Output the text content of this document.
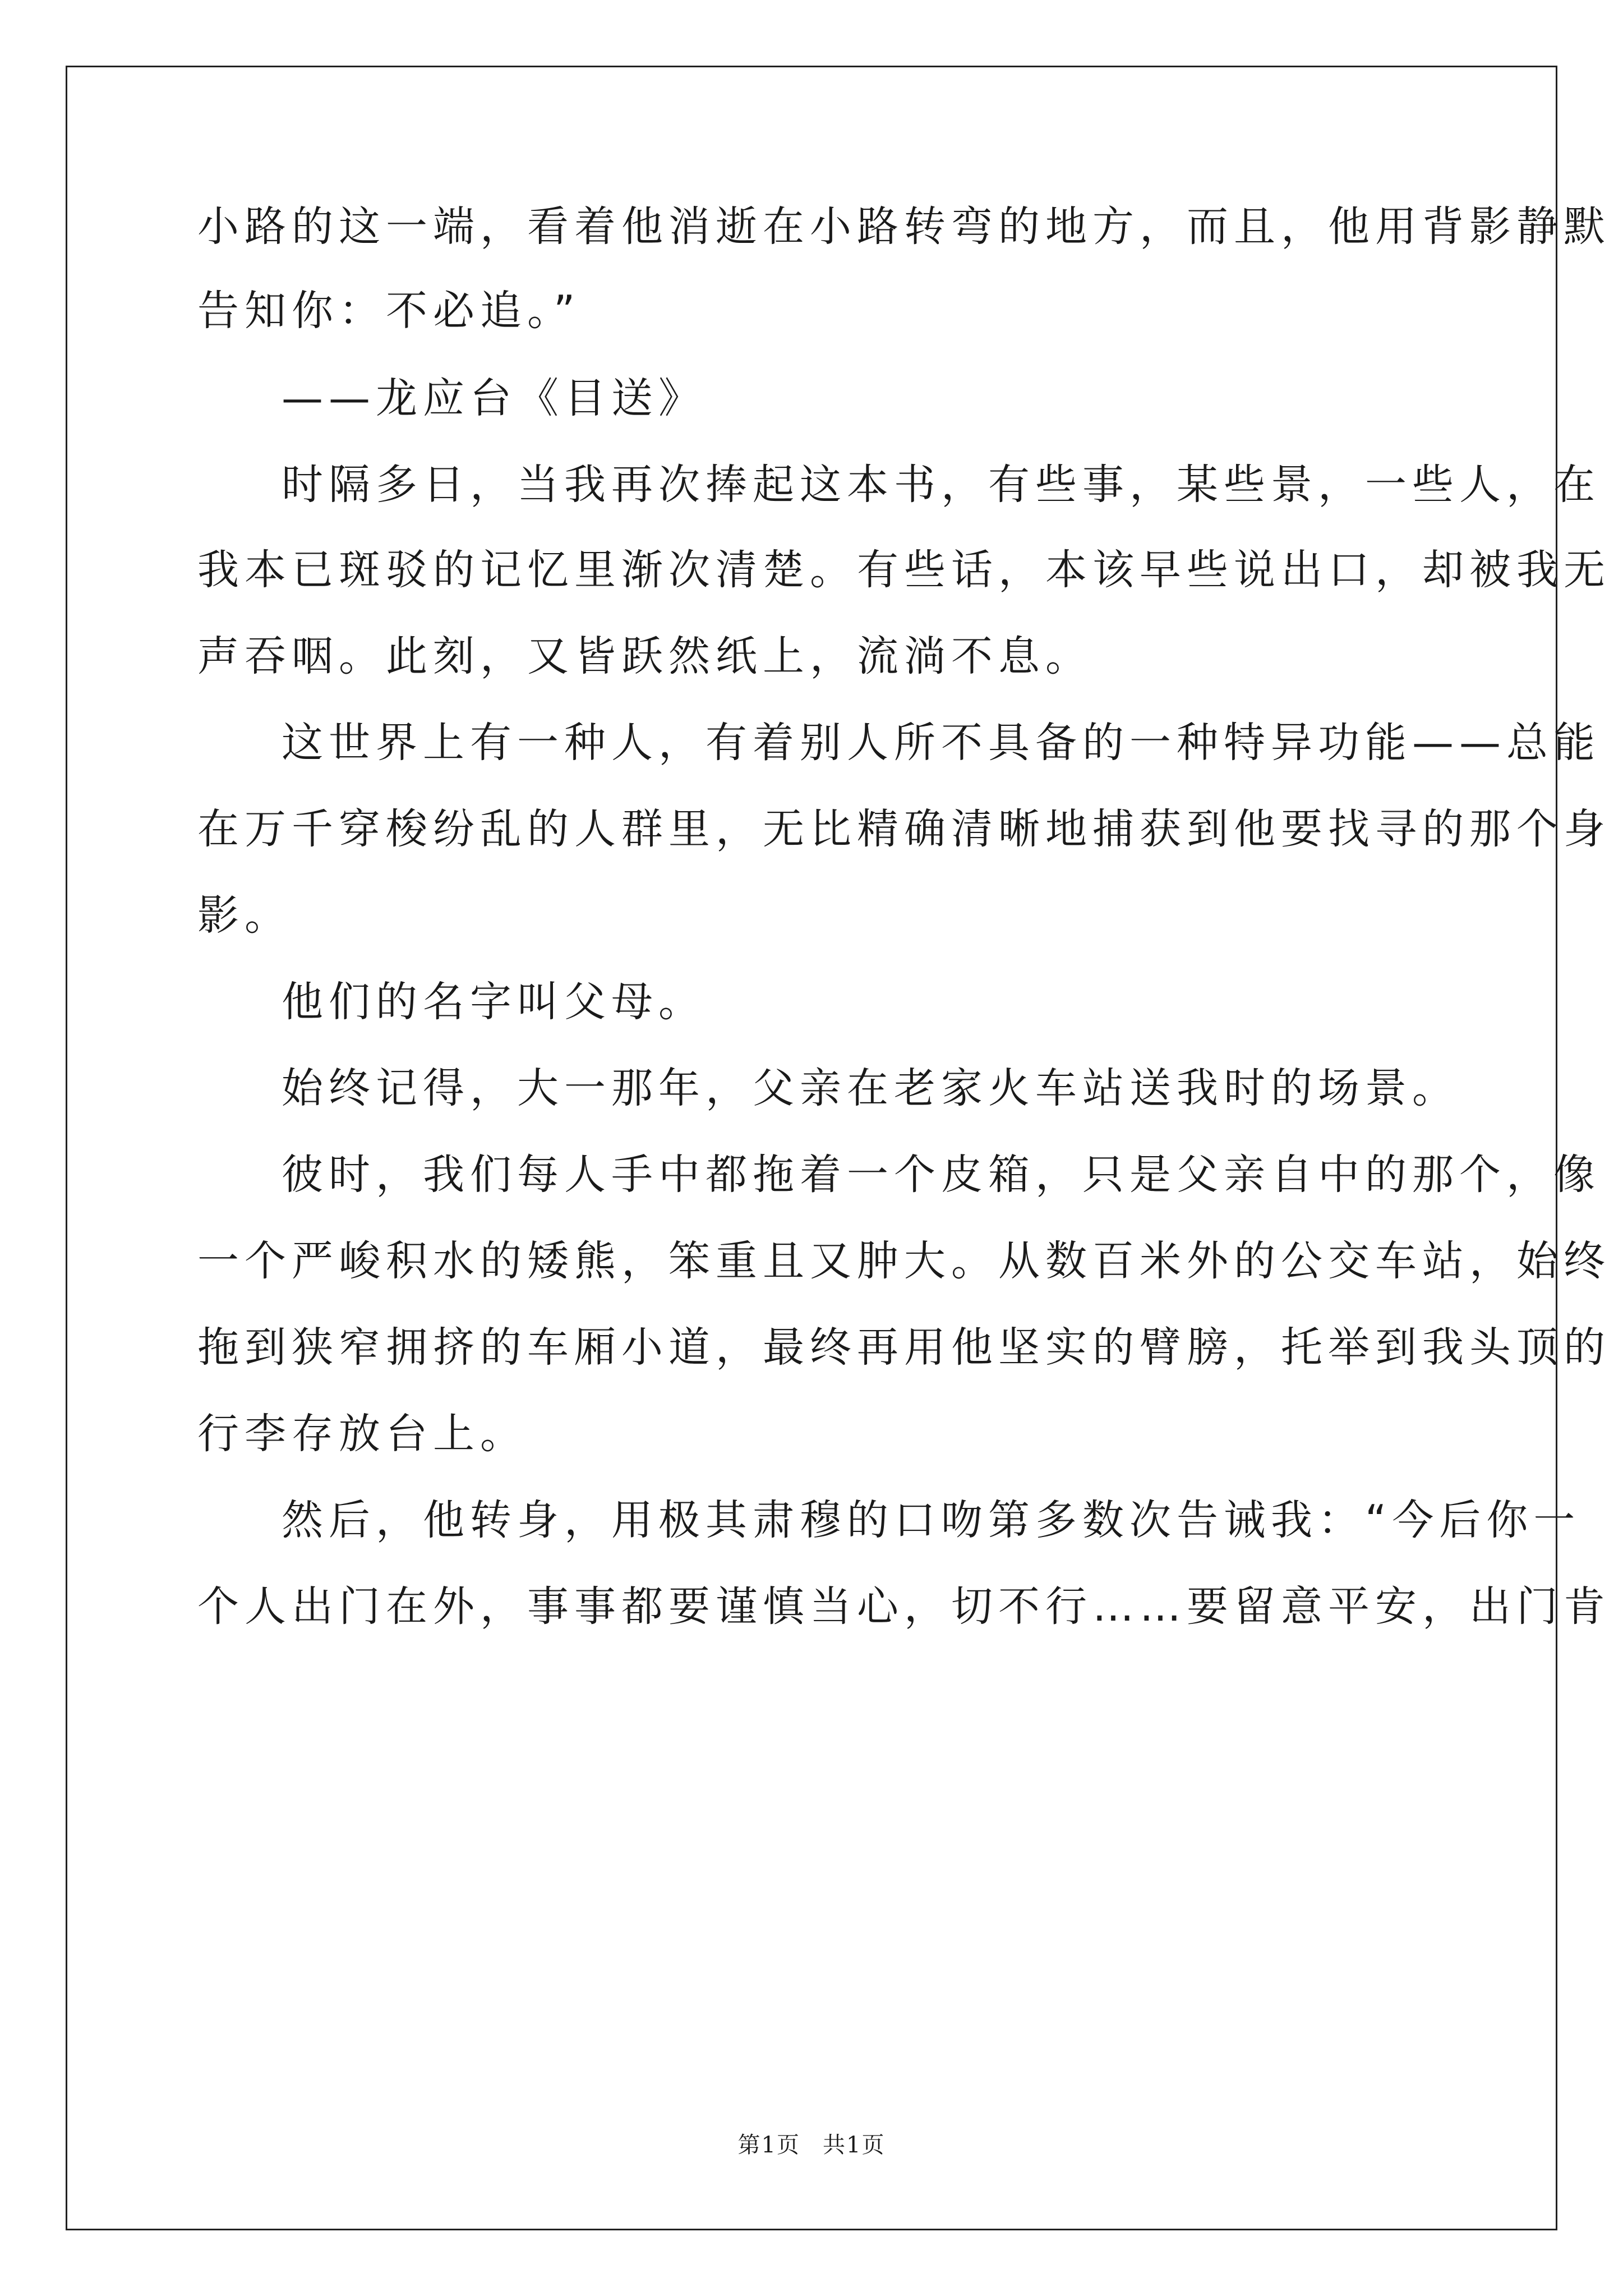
小路的这一端，看着他消逝在小路转弯的地方，而且，他用背影静默
告知你：不必追。”
——龙应台《目送》
时隔多日，当我再次捧起这本书，有些事，某些景，一些人，在
我本已斑驳的记忆里渐次清楚。有些话，本该早些说出口，却被我无
声吞咽。此刻，又皆跃然纸上，流淌不息。
这世界上有一种人，有着别人所不具备的一种特异功能——总能
在万千穿梭纷乱的人群里，无比精确清晰地捕获到他要找寻的那个身
影。
他们的名字叫父母。
始终记得，大一那年，父亲在老家火车站送我时的场景。
彼时，我们每人手中都拖着一个皮箱，只是父亲自中的那个，像
一个严峻积水的矮熊，笨重且又肿大。从数百米外的公交车站，始终
拖到狭窄拥挤的车厢小道，最终再用他坚实的臂膀，托举到我头顶的
行李存放台上。
然后，他转身，用极其肃穆的口吻第多数次告诫我：“今后你一
个人出门在外，事事都要谨慎当心，切不行……要留意平安，出门肯
第1页　 共1页
